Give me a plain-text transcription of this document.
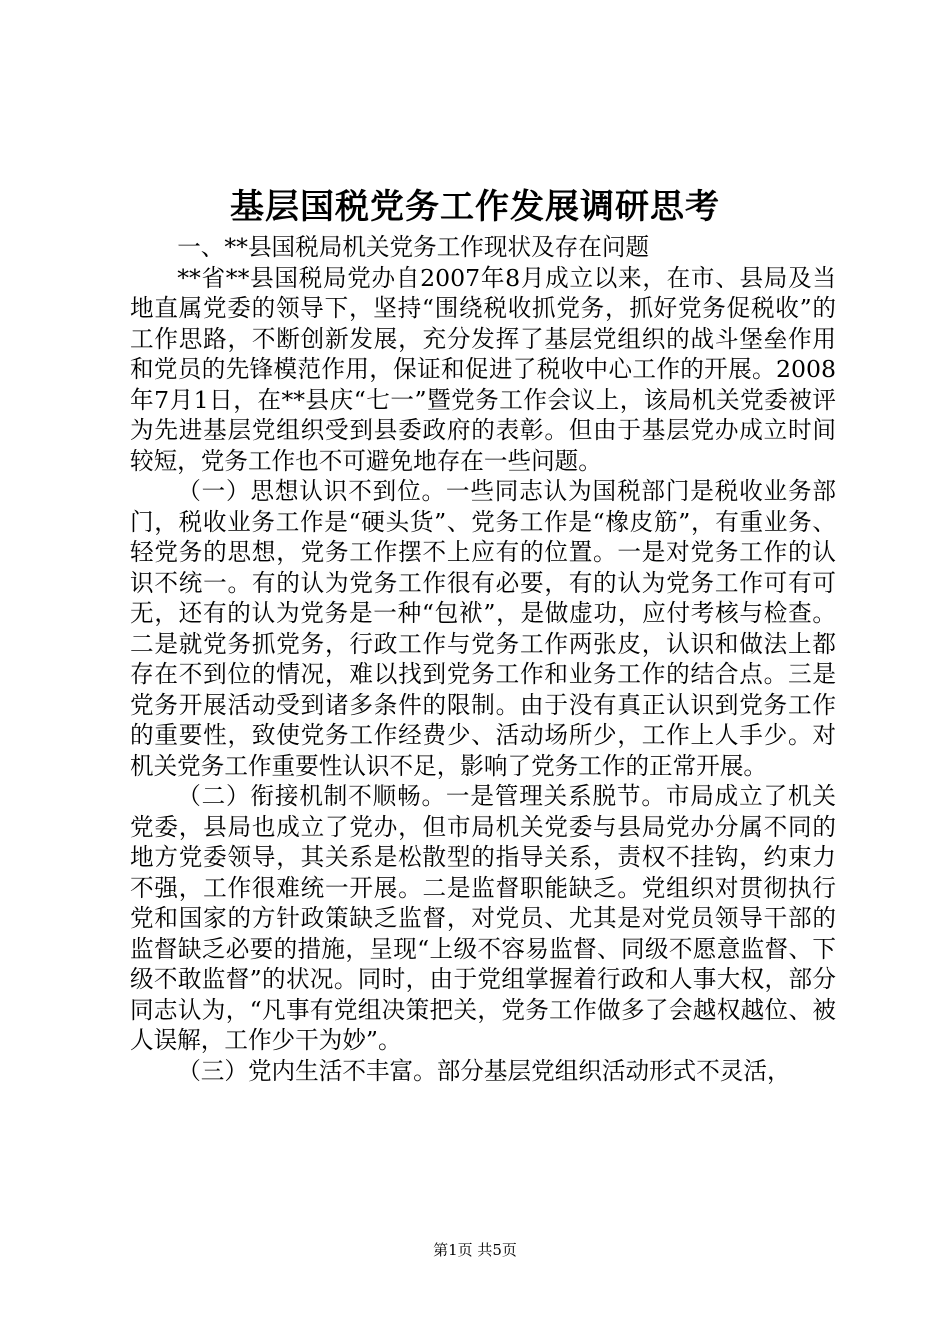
基层国税党务工作发展调研思考

一、**县国税局机关党务工作现状及存在问题

**省**县国税局党办自2007年8月成立以来，在市、县局及当地直属党委的领导下，坚持“围绕税收抓党务，抓好党务促税收”的工作思路，不断创新发展，充分发挥了基层党组织的战斗堡垒作用和党员的先锋模范作用，保证和促进了税收中心工作的开展。2008年7月1日，在**县庆“七一”暨党务工作会议上，该局机关党委被评为先进基层党组织受到县委政府的表彰。但由于基层党办成立时间较短，党务工作也不可避免地存在一些问题。

（一）思想认识不到位。一些同志认为国税部门是税收业务部门，税收业务工作是“硬头货”、党务工作是“橡皮筋”，有重业务、轻党务的思想，党务工作摆不上应有的位置。一是对党务工作的认识不统一。有的认为党务工作很有必要，有的认为党务工作可有可无，还有的认为党务是一种“包袱”，是做虚功，应付考核与检查。二是就党务抓党务，行政工作与党务工作两张皮，认识和做法上都存在不到位的情况，难以找到党务工作和业务工作的结合点。三是党务开展活动受到诸多条件的限制。由于没有真正认识到党务工作的重要性，致使党务工作经费少、活动场所少，工作上人手少。对机关党务工作重要性认识不足，影响了党务工作的正常开展。

（二）衔接机制不顺畅。一是管理关系脱节。市局成立了机关党委，县局也成立了党办，但市局机关党委与县局党办分属不同的地方党委领导，其关系是松散型的指导关系，责权不挂钩，约束力不强，工作很难统一开展。二是监督职能缺乏。党组织对贯彻执行党和国家的方针政策缺乏监督，对党员、尤其是对党员领导干部的监督缺乏必要的措施，呈现“上级不容易监督、同级不愿意监督、下级不敢监督”的状况。同时，由于党组掌握着行政和人事大权，部分同志认为，“凡事有党组决策把关，党务工作做多了会越权越位、被人误解，工作少干为妙”。

（三）党内生活不丰富。部分基层党组织活动形式不灵活，

第1页 共5页
